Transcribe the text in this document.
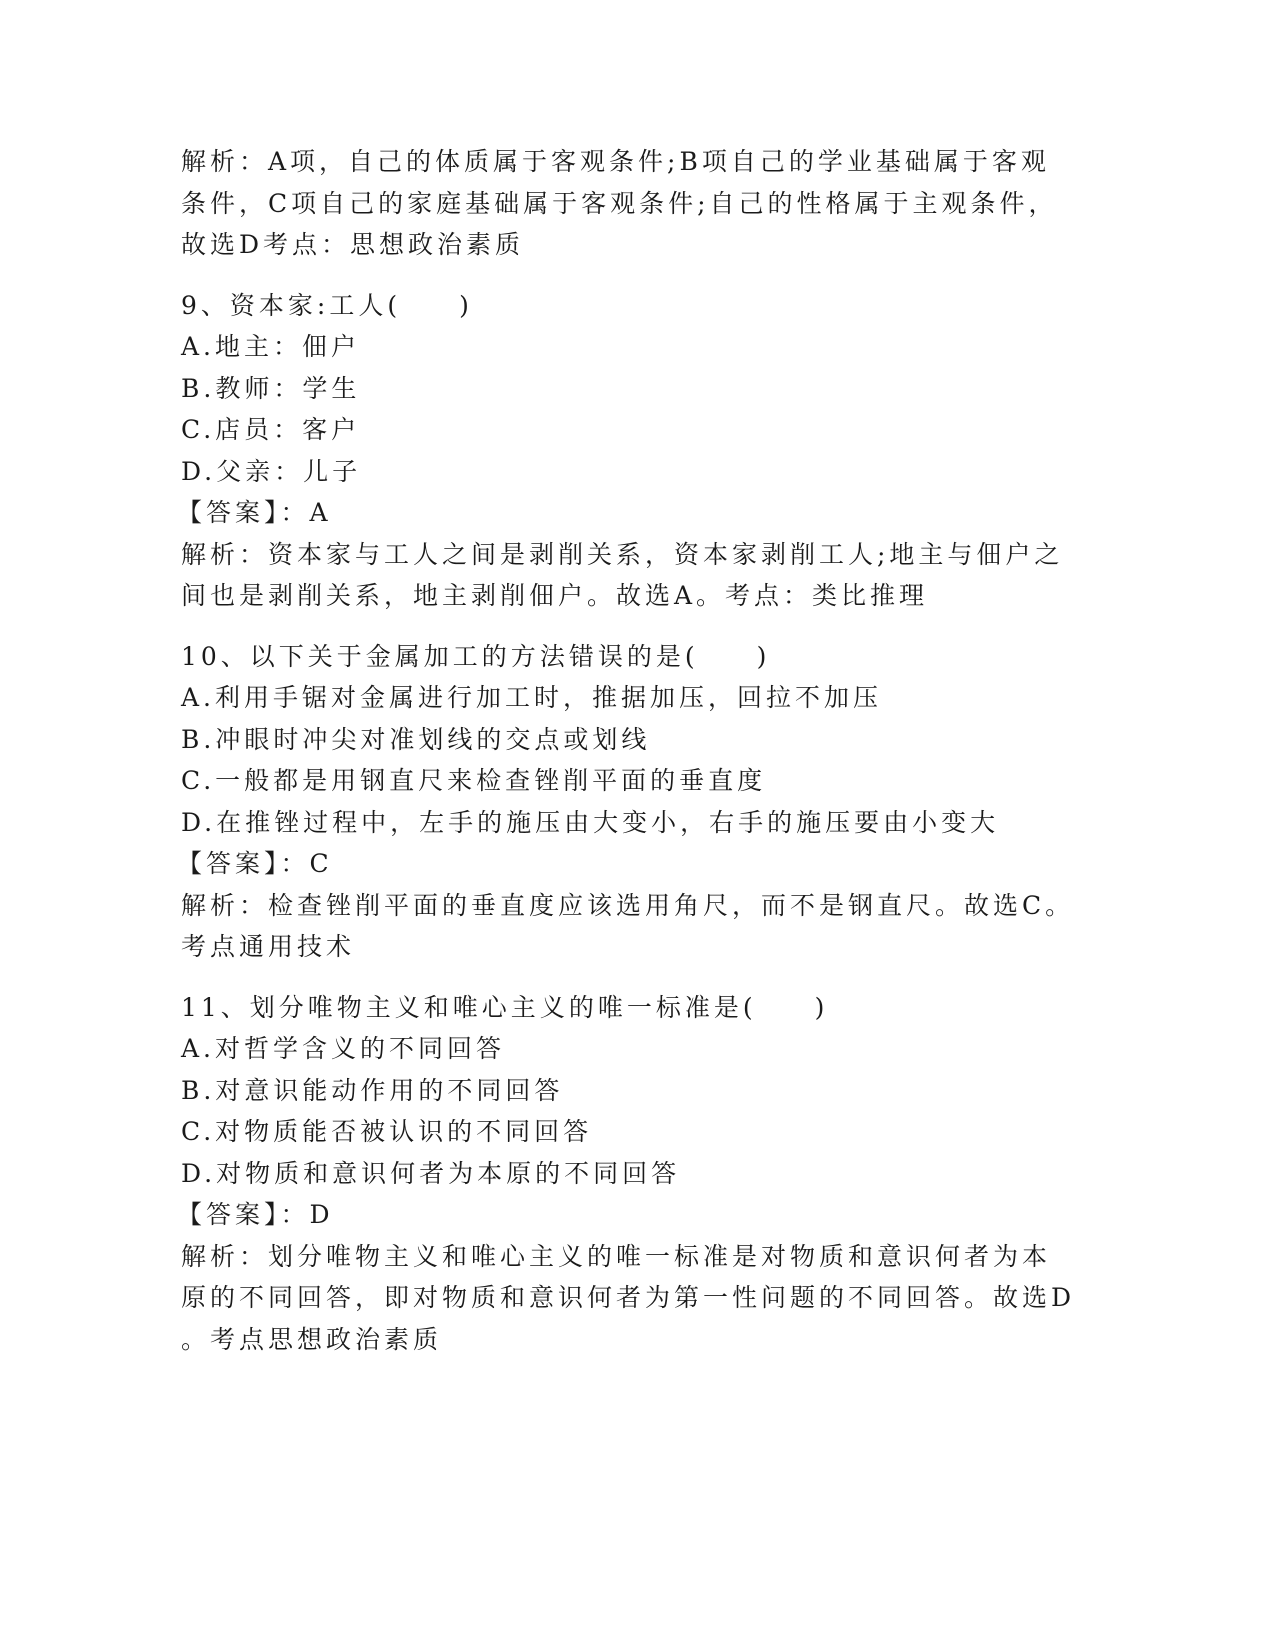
解析：A项，自己的体质属于客观条件;B项自己的学业基础属于客观
条件，C项自己的家庭基础属于客观条件;自己的性格属于主观条件，
故选D考点：思想政治素质
9、资本家:工人(　　)
A.地主：佃户
B.教师：学生
C.店员：客户
D.父亲：儿子
【答案】：A
解析：资本家与工人之间是剥削关系，资本家剥削工人;地主与佃户之
间也是剥削关系，地主剥削佃户。故选A。考点：类比推理
10、以下关于金属加工的方法错误的是(　　)
A.利用手锯对金属进行加工时，推据加压，回拉不加压
B.冲眼时冲尖对准划线的交点或划线
C.一般都是用钢直尺来检查锉削平面的垂直度
D.在推锉过程中，左手的施压由大变小，右手的施压要由小变大
【答案】：C
解析：检查锉削平面的垂直度应该选用角尺，而不是钢直尺。故选C。
考点通用技术
11、划分唯物主义和唯心主义的唯一标准是(　　)
A.对哲学含义的不同回答
B.对意识能动作用的不同回答
C.对物质能否被认识的不同回答
D.对物质和意识何者为本原的不同回答
【答案】：D
解析：划分唯物主义和唯心主义的唯一标准是对物质和意识何者为本
原的不同回答，即对物质和意识何者为第一性问题的不同回答。故选D
。考点思想政治素质
